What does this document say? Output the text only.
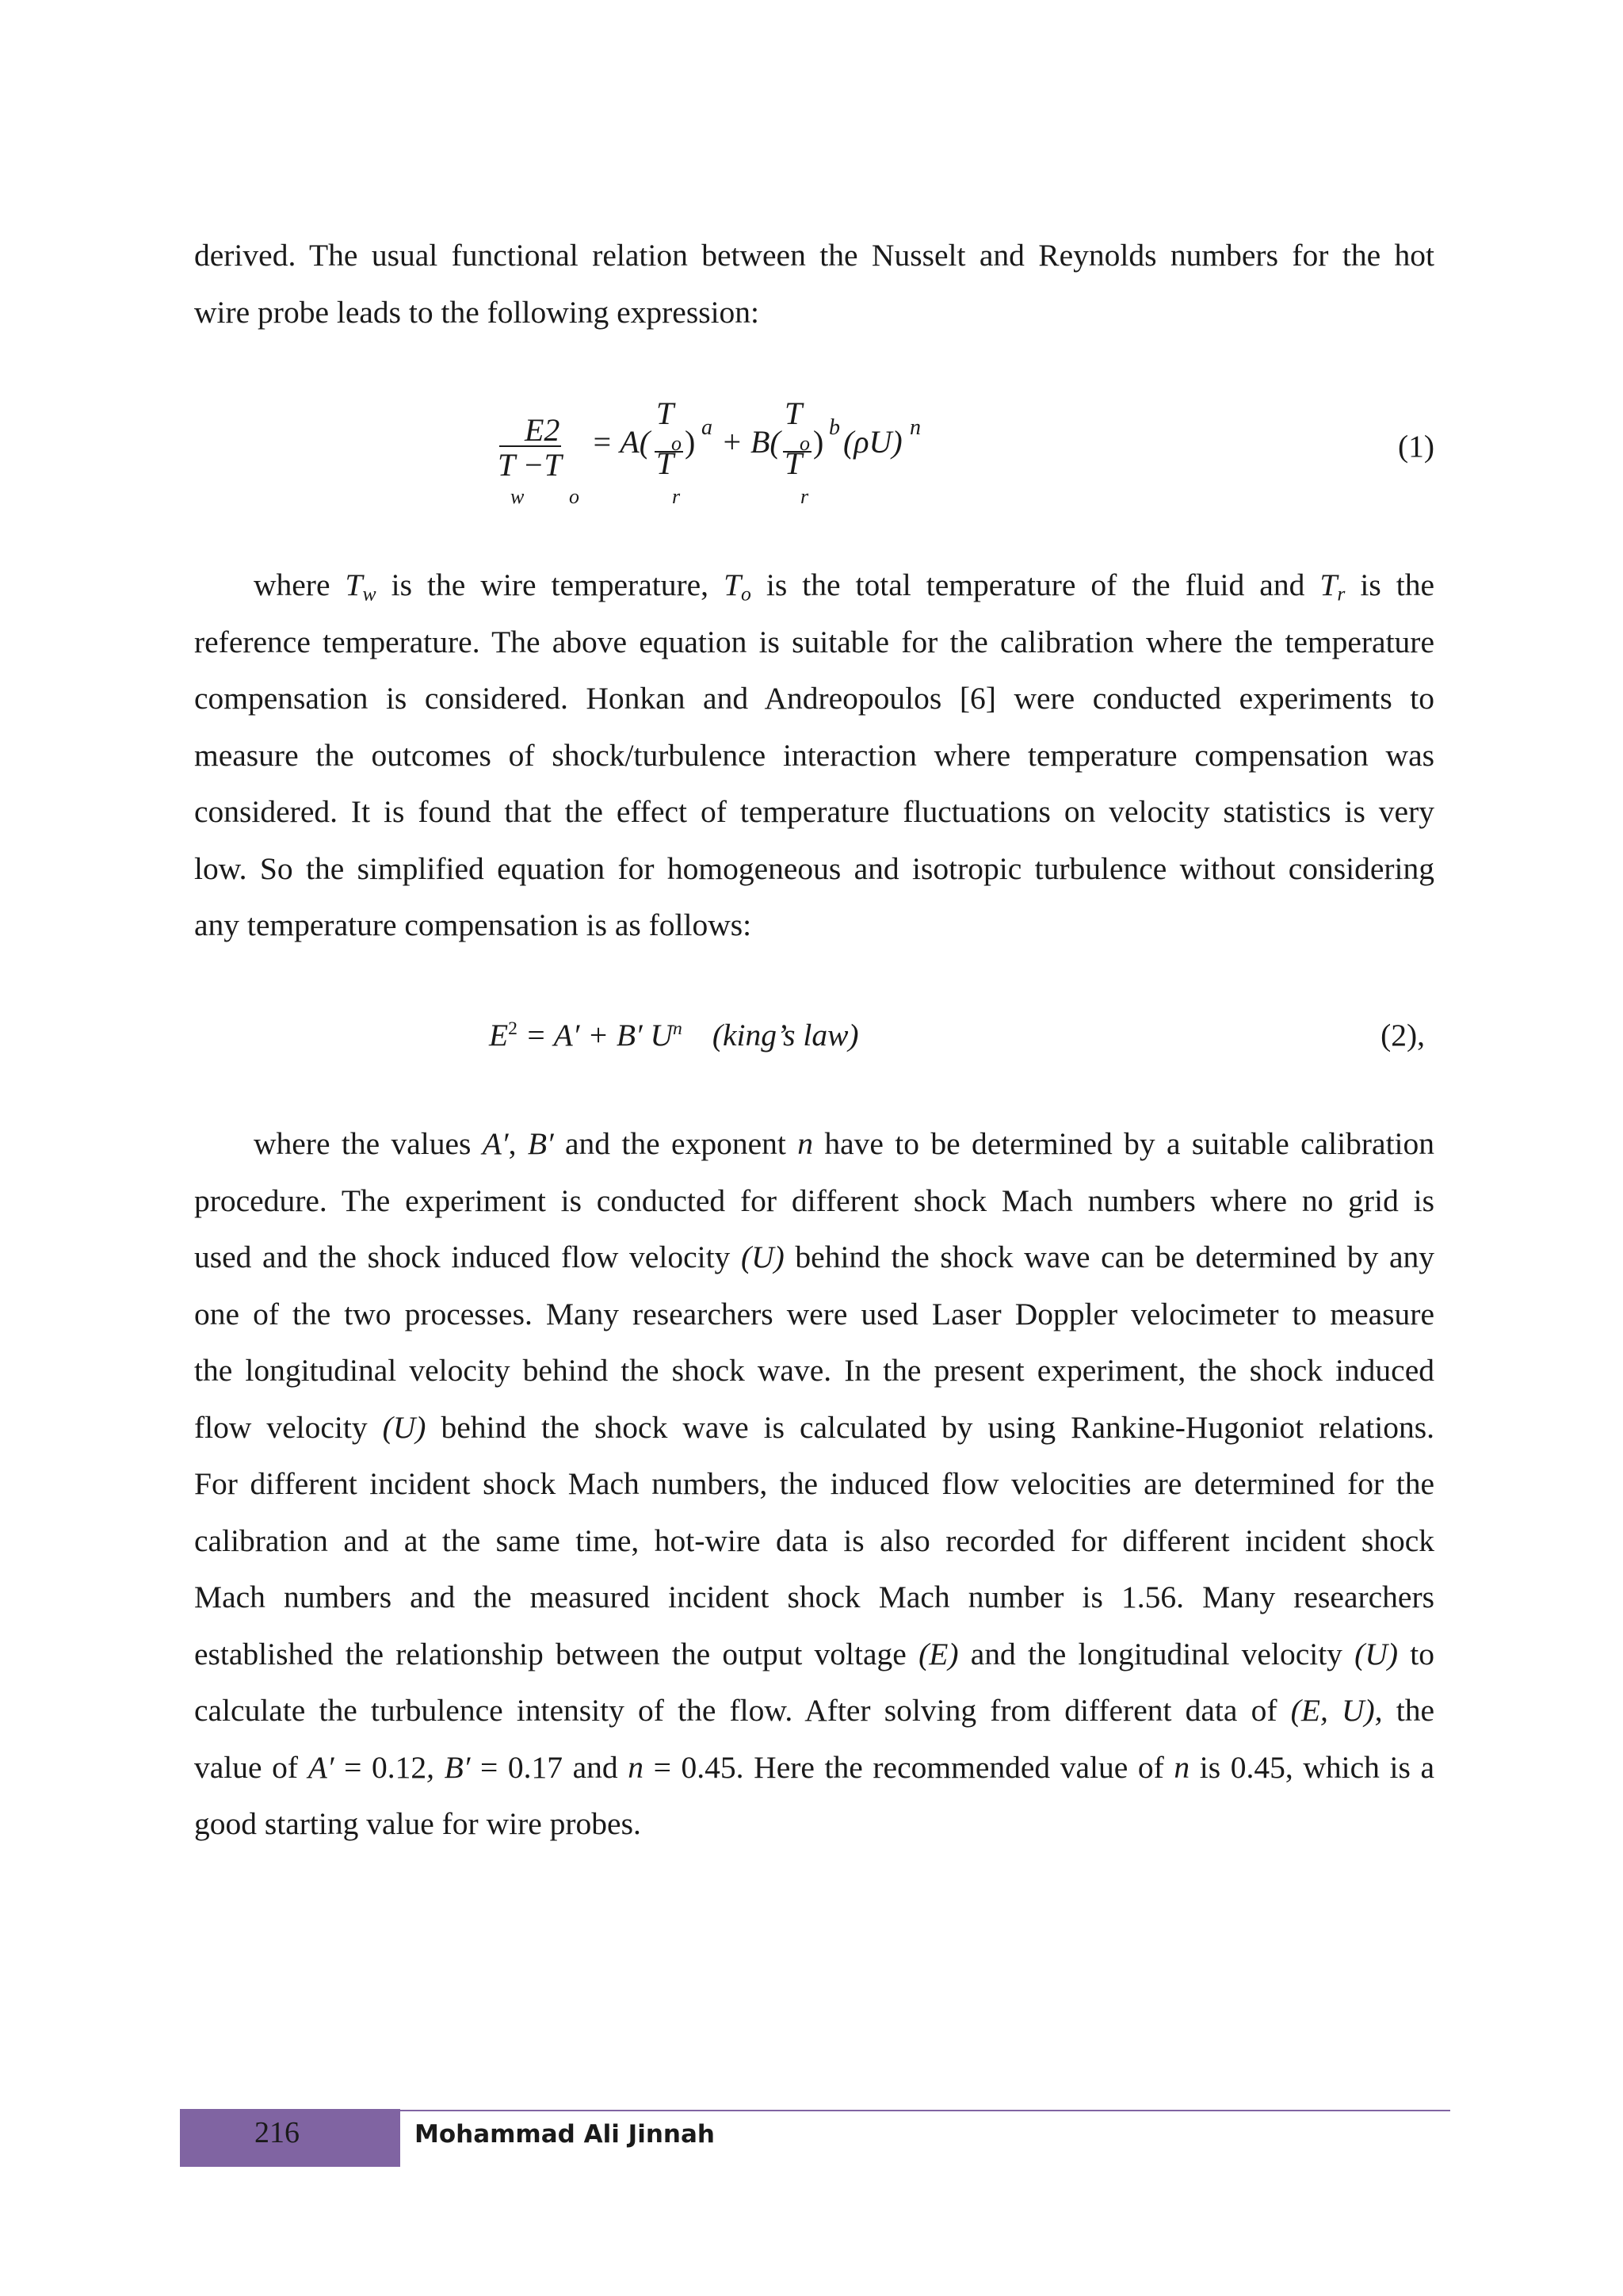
derived. The usual functional relation between the Nusselt and Reynolds numbers for the hot
wire probe leads to the following expression:
E2
T −T
w o
= A(
T
o
T
r
) a + B(
T
o
T
r
) b (ρU) n
(1)
where $T_w$ is the wire temperature, $T_o$ is the total temperature of the fluid and $T_r$ is the
reference temperature. The above equation is suitable for the calibration where the temperature
compensation is considered. Honkan and Andreopoulos [6] were conducted experiments to
measure the outcomes of shock/turbulence interaction where temperature compensation was
considered. It is found that the effect of temperature fluctuations on velocity statistics is very
low. So the simplified equation for homogeneous and isotropic turbulence without considering
any temperature compensation is as follows:
$E^2 = A' + B'$ $U^n$ (king’s law)	(2),
where the values A′, B′ and the exponent n have to be determined by a suitable calibration
procedure. The experiment is conducted for different shock Mach numbers where no grid is
used and the shock induced flow velocity (U) behind the shock wave can be determined by any
one of the two processes. Many researchers were used Laser Doppler velocimeter to measure
the longitudinal velocity behind the shock wave. In the present experiment, the shock induced
flow velocity (U) behind the shock wave is calculated by using Rankine-Hugoniot relations.
For different incident shock Mach numbers, the induced flow velocities are determined for the
calibration and at the same time, hot-wire data is also recorded for different incident shock
Mach numbers and the measured incident shock Mach number is 1.56. Many researchers
established the relationship between the output voltage (E) and the longitudinal velocity (U) to
calculate the turbulence intensity of the flow. After solving from different data of (E, U), the
value of A′ = 0.12, B′ = 0.17 and n = 0.45. Here the recommended value of n is 0.45, which is a
good starting value for wire probes.
216	Mohammad Ali Jinnah
